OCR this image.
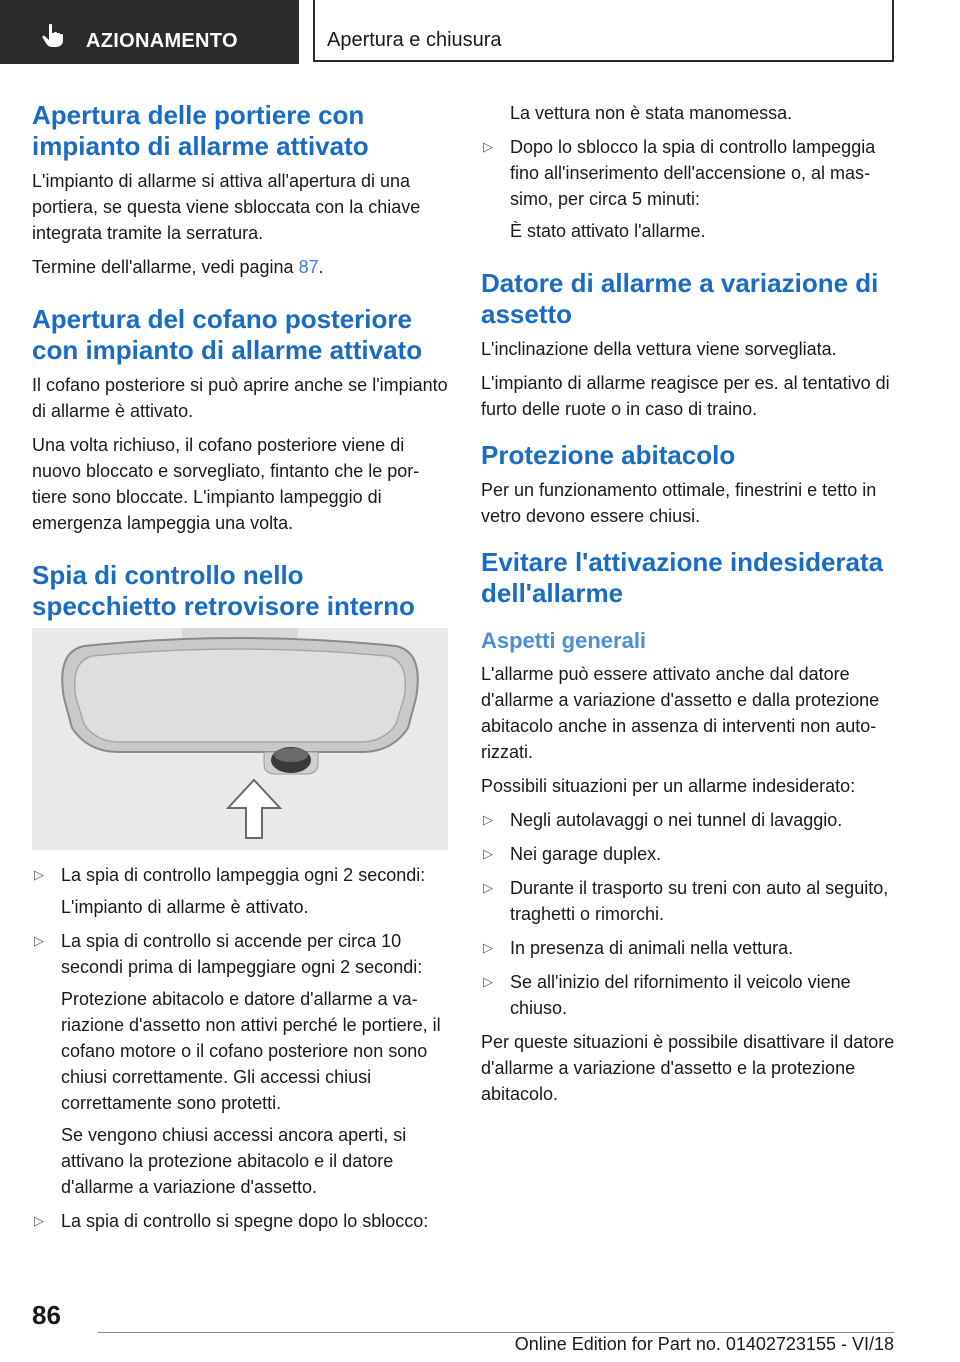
AZIONAMENTO	Apertura e chiusura
Apertura delle portiere con impianto di allarme attivato

L'impianto di allarme si attiva all'apertura di una portiera, se questa viene sbloccata con la chiave integrata tramite la serratura.

Termine dell'allarme, vedi pagina 87.

Apertura del cofano posteriore con impianto di allarme attivato

Il cofano posteriore si può aprire anche se l'impianto di allarme è attivato.

Una volta richiuso, il cofano posteriore viene di nuovo bloccato e sorvegliato, fintanto che le portiere sono bloccate. L'impianto lampeggio di emergenza lampeggia una volta.

Spia di controllo nello specchietto retrovisore interno
▷ La spia di controllo lampeggia ogni 2 secondi:

L'impianto di allarme è attivato.

▷ La spia di controllo si accende per circa 10 secondi prima di lampeggiare ogni 2 secondi:

Protezione abitacolo e datore d'allarme a variazione d'assetto non attivi perché le portiere, il cofano motore o il cofano posteriore non sono chiusi correttamente. Gli accessi chiusi correttamente sono protetti.

Se vengono chiusi accessi ancora aperti, si attivano la protezione abitacolo e il datore d'allarme a variazione d'assetto.

▷ La spia di controllo si spegne dopo lo sblocco:

La vettura non è stata manomessa.

▷ Dopo lo sblocco la spia di controllo lampeggia fino all'inserimento dell'accensione o, al massimo, per circa 5 minuti:

È stato attivato l'allarme.

Datore di allarme a variazione di assetto

L'inclinazione della vettura viene sorvegliata.

L'impianto di allarme reagisce per es. al tentativo di furto delle ruote o in caso di traino.

Protezione abitacolo

Per un funzionamento ottimale, finestrini e tetto in vetro devono essere chiusi.

Evitare l'attivazione indesiderata dell'allarme
Aspetti generali

L'allarme può essere attivato anche dal datore d'allarme a variazione d'assetto e dalla protezione abitacolo anche in assenza di interventi non autorizzati.

Possibili situazioni per un allarme indesiderato:

▷ Negli autolavaggi o nei tunnel di lavaggio.

▷ Nei garage duplex.

▷ Durante il trasporto su treni con auto al seguito, traghetti o rimorchi.

▷ In presenza di animali nella vettura.

▷ Se all'inizio del rifornimento il veicolo viene chiuso.

Per queste situazioni è possibile disattivare il datore d'allarme a variazione d'assetto e la protezione abitacolo.

86
Online Edition for Part no. 01402723155 - VI/18
